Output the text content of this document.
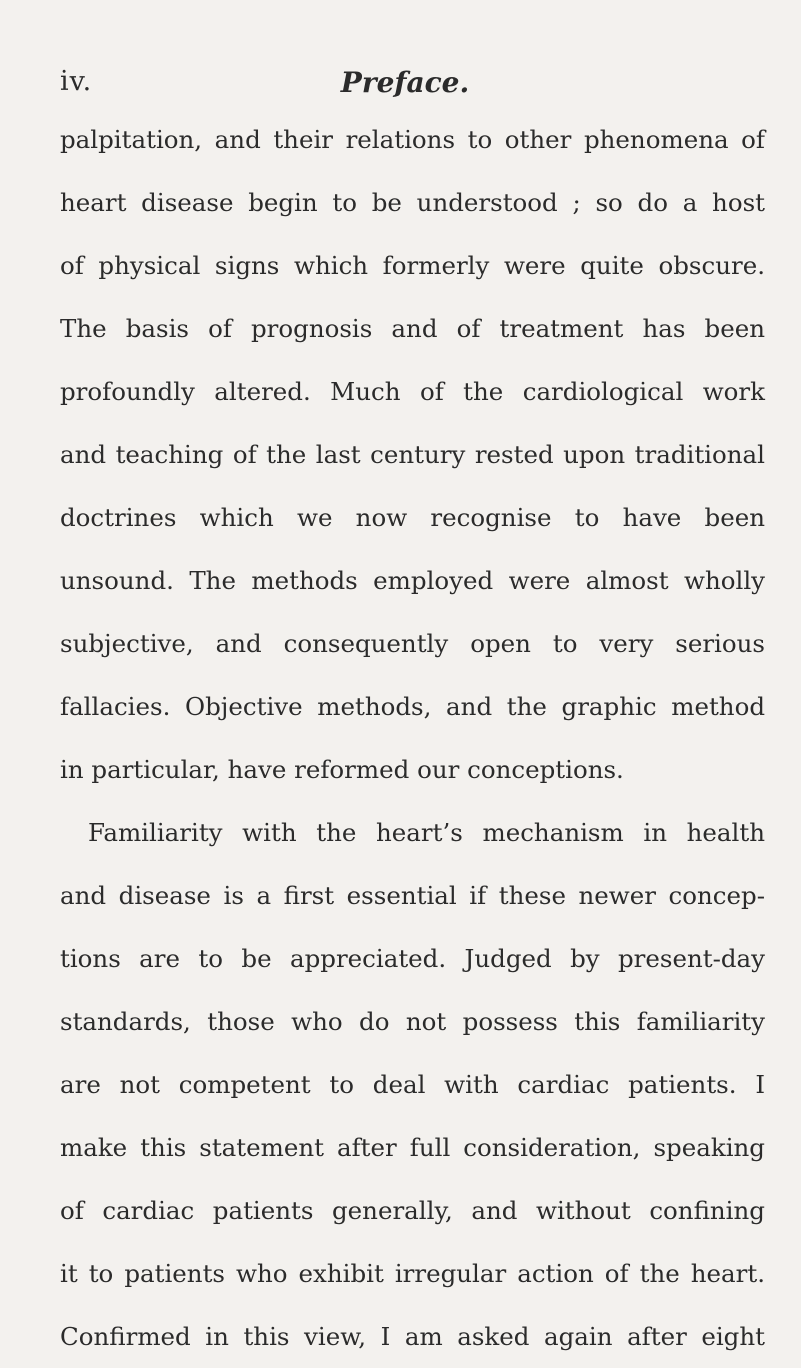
iv.	Preface.
palpitation, and their relations to other phenomena of
heart disease begin to be understood ; so do a host
of physical signs which formerly were quite obscure.
The basis of prognosis and of treatment has been
profoundly altered. Much of the cardiological work
and teaching of the last century rested upon traditional
doctrines which we now recognise to have been
unsound. The methods employed were almost wholly
subjective, and consequently open to very serious
fallacies. Objective methods, and the graphic method
in particular, have reformed our conceptions.
Familiarity with the heart’s mechanism in health
and disease is a first essential if these newer concep-
tions are to be appreciated. Judged by present-day
standards, those who do not possess this familiarity
are not competent to deal with cardiac patients. I
make this statement after full consideration, speaking
of cardiac patients generally, and without confining
it to patients who exhibit irregular action of the heart.
Confirmed in this view, I am asked again after eight
